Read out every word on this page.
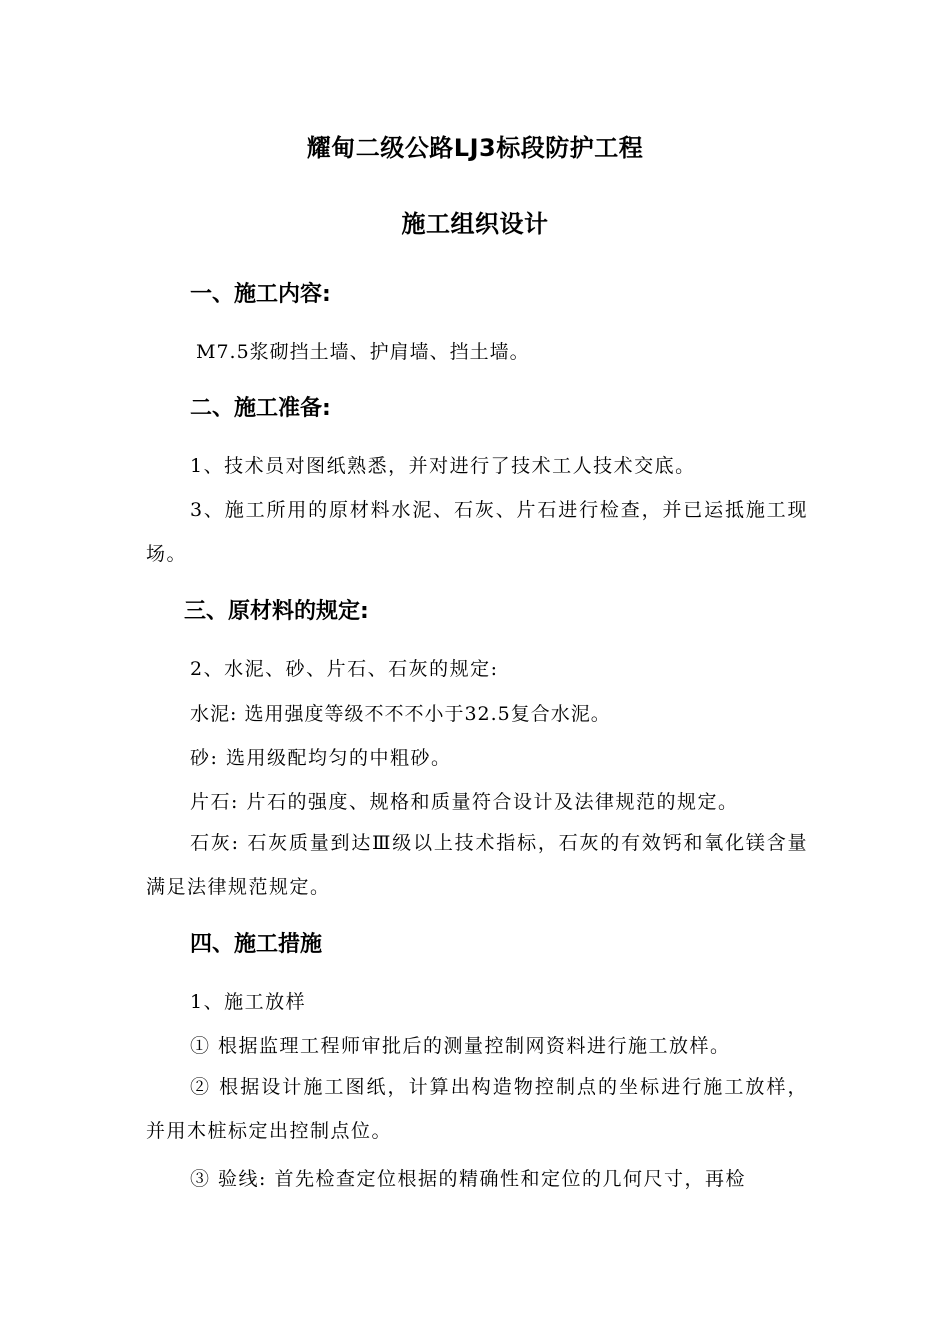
耀甸二级公路LJ3标段防护工程
施工组织设计
一、施工内容:
M7.5浆砌挡土墙、护肩墙、挡土墙。
二、施工准备:
1、技术员对图纸熟悉，并对进行了技术工人技术交底。
3、施工所用的原材料水泥、石灰、片石进行检查，并已运抵施工现场。
三、原材料的规定:
2、水泥、砂、片石、石灰的规定:
水泥: 选用强度等级不不不小于32.5复合水泥。
砂: 选用级配均匀的中粗砂。
片石: 片石的强度、规格和质量符合设计及法律规范的规定。
石灰: 石灰质量到达Ⅲ级以上技术指标，石灰的有效钙和氧化镁含量满足法律规范规定。
四、施工措施
1、施工放样
① 根据监理工程师审批后的测量控制网资料进行施工放样。
② 根据设计施工图纸，计算出构造物控制点的坐标进行施工放样，并用木桩标定出控制点位。
③ 验线: 首先检查定位根据的精确性和定位的几何尺寸，再检
